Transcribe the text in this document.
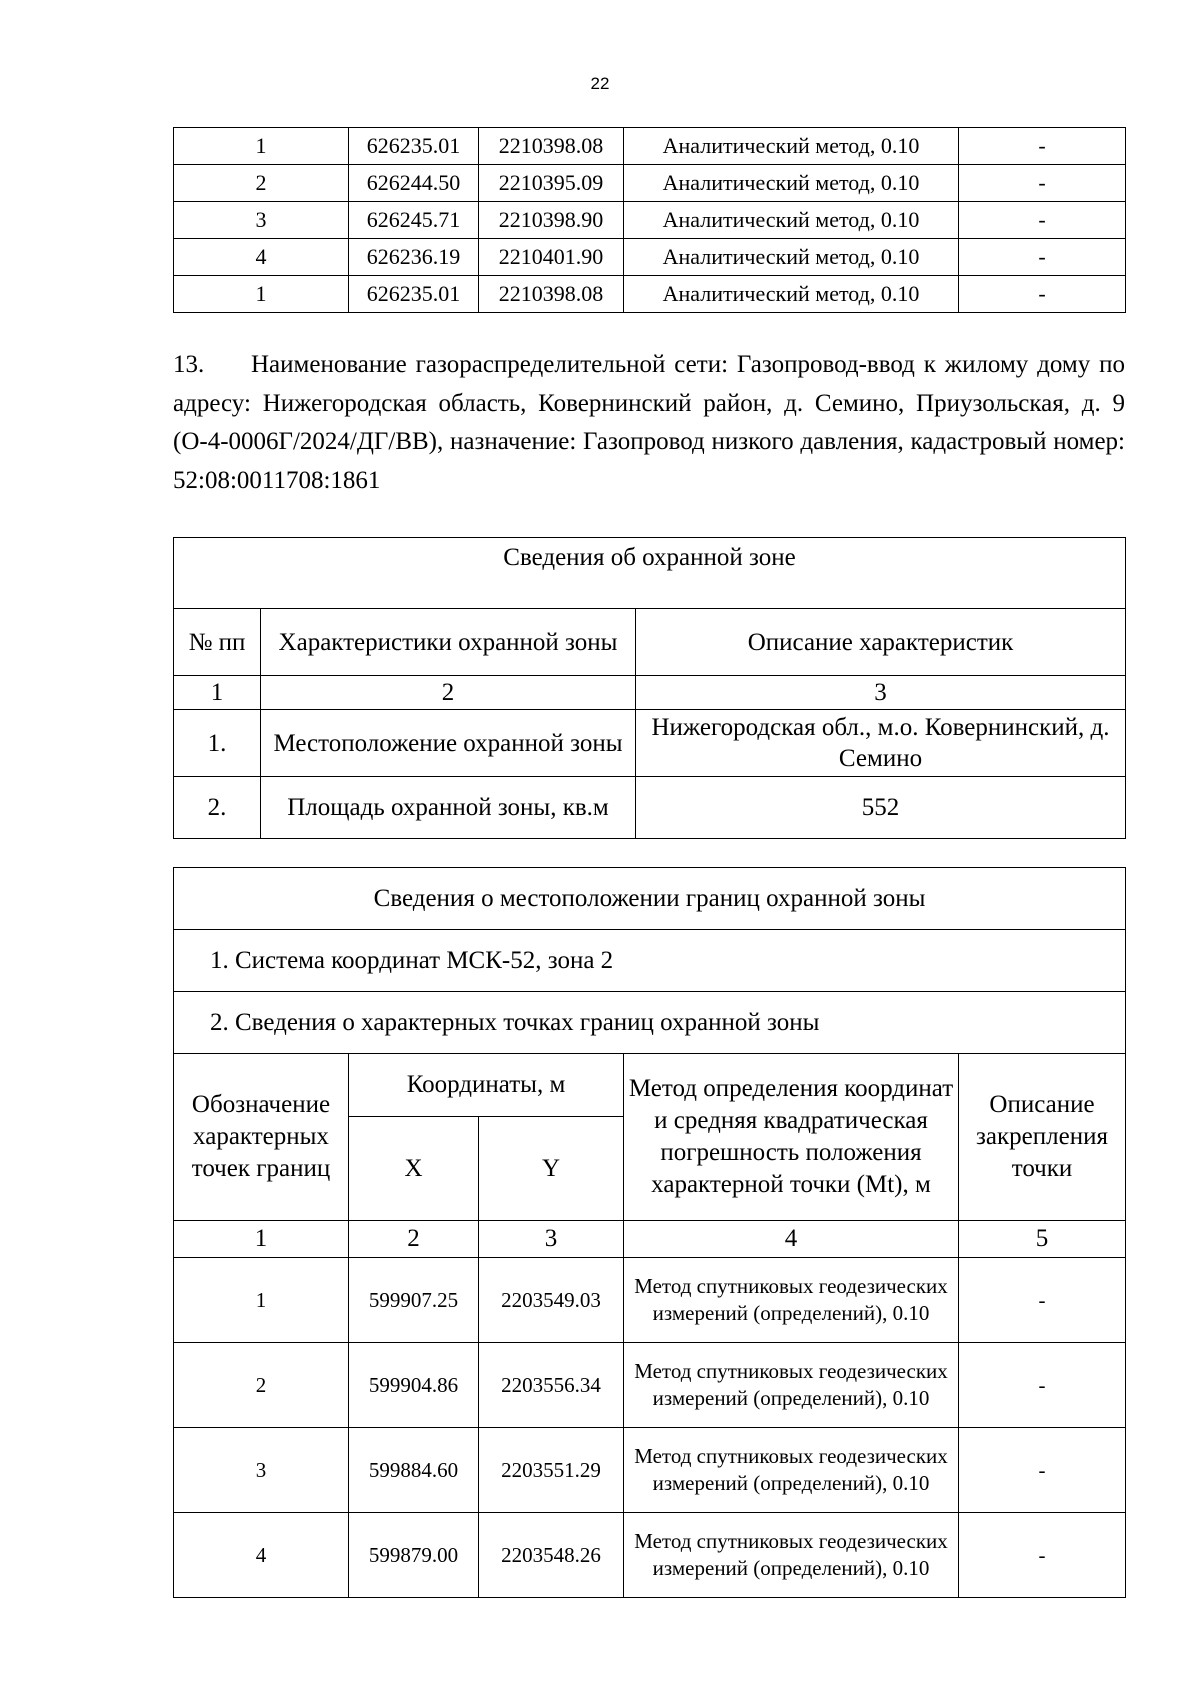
22
1	626235.01	2210398.08	Аналитический метод, 0.10	-
2	626244.50	2210395.09	Аналитический метод, 0.10	-
3	626245.71	2210398.90	Аналитический метод, 0.10	-
4	626236.19	2210401.90	Аналитический метод, 0.10	-
1	626235.01	2210398.08	Аналитический метод, 0.10	-

13. Наименование газораспределительной сети: Газопровод-ввод к жилому дому по адресу: Нижегородская область, Ковернинский район, д. Семино, Приузольская, д. 9 (О-4-0006Г/2024/ДГ/ВВ), назначение: Газопровод низкого давления, кадастровый номер: 52:08:0011708:1861

Сведения об охранной зоне		
№ пп	Характеристики охранной зоны	Описание характеристик
1	2	3
1.	Местоположение охранной зоны	Нижегородская обл., м.о. Ковернинский, д. Семино
2.	Площадь охранной зоны, кв.м	552
Сведения о местоположении границ охранной зоны				
1. Система координат МСК-52, зона 2				
2. Сведения о характерных точках границ охранной зоны				
Обозначение характерных точек границ	Координаты, м		Метод определения координат и средняя квадратическая погрешность положения характерной точки (Mt), м	Описание закрепления точки
	X	Y		
1	2	3	4	5
1	599907.25	2203549.03	Метод спутниковых геодезических измерений (определений), 0.10	-
2	599904.86	2203556.34	Метод спутниковых геодезических измерений (определений), 0.10	-
3	599884.60	2203551.29	Метод спутниковых геодезических измерений (определений), 0.10	-
4	599879.00	2203548.26	Метод спутниковых геодезических измерений (определений), 0.10	-
